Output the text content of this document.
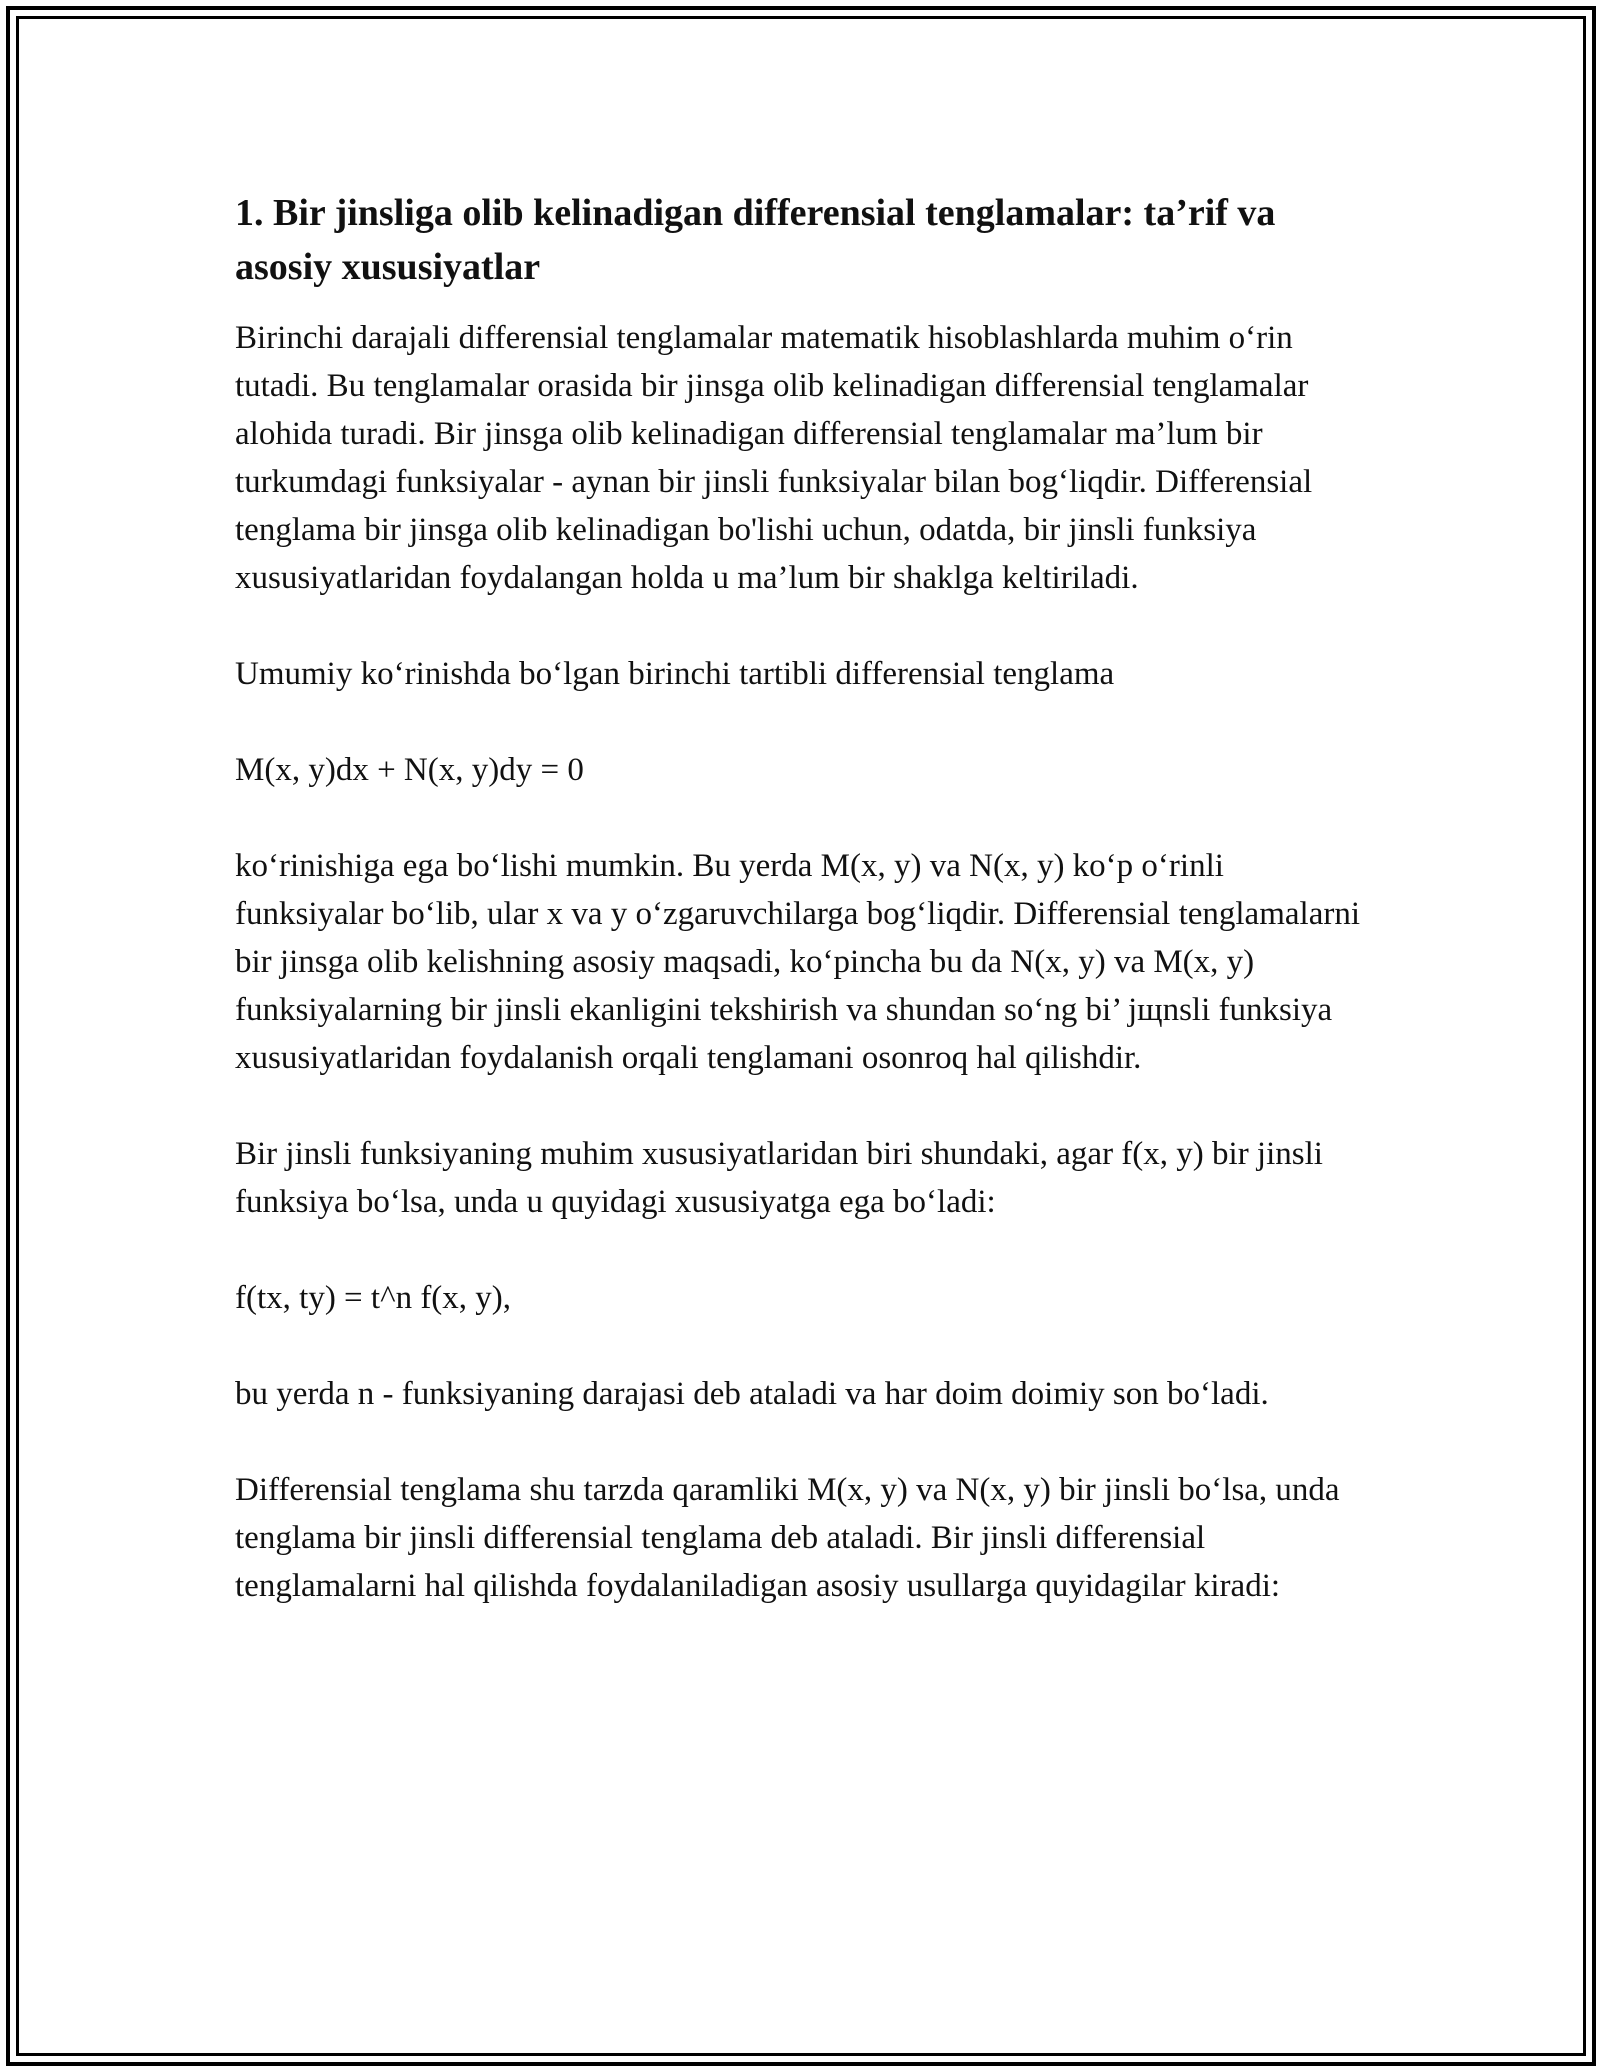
1. Bir jinsliga olib kelinadigan differensial tenglamalar: ta’rif va asosiy xususiyatlar

Birinchi darajali differensial tenglamalar matematik hisoblashlarda muhim o‘rin tutadi. Bu tenglamalar orasida bir jinsga olib kelinadigan differensial tenglamalar alohida turadi. Bir jinsga olib kelinadigan differensial tenglamalar ma’lum bir turkumdagi funksiyalar - aynan bir jinsli funksiyalar bilan bog‘liqdir. Differensial tenglama bir jinsga olib kelinadigan bo'lishi uchun, odatda, bir jinsli funksiya xususiyatlaridan foydalangan holda u ma’lum bir shaklga keltiriladi.

Umumiy ko‘rinishda bo‘lgan birinchi tartibli differensial tenglama

M(x, y)dx + N(x, y)dy = 0

ko‘rinishiga ega bo‘lishi mumkin. Bu yerda M(x, y) va N(x, y) ko‘p o‘rinli funksiyalar bo‘lib, ular x va y o‘zgaruvchilarga bog‘liqdir. Differensial tenglamalarni bir jinsga olib kelishning asosiy maqsadi, ko‘pincha bu da N(x, y) va M(x, y) funksiyalarning bir jinsli ekanligini tekshirish va shundan so‘ng bi’ jщnsli funksiya xususiyatlaridan foydalanish orqali tenglamani osonroq hal qilishdir.

Bir jinsli funksiyaning muhim xususiyatlaridan biri shundaki, agar f(x, y) bir jinsli funksiya bo‘lsa, unda u quyidagi xususiyatga ega bo‘ladi:

f(tx, ty) = t^n f(x, y),

bu yerda n - funksiyaning darajasi deb ataladi va har doim doimiy son bo‘ladi.

Differensial tenglama shu tarzda qaramliki M(x, y) va N(x, y) bir jinsli bo‘lsa, unda tenglama bir jinsli differensial tenglama deb ataladi. Bir jinsli differensial tenglamalarni hal qilishda foydalaniladigan asosiy usullarga quyidagilar kiradi:
